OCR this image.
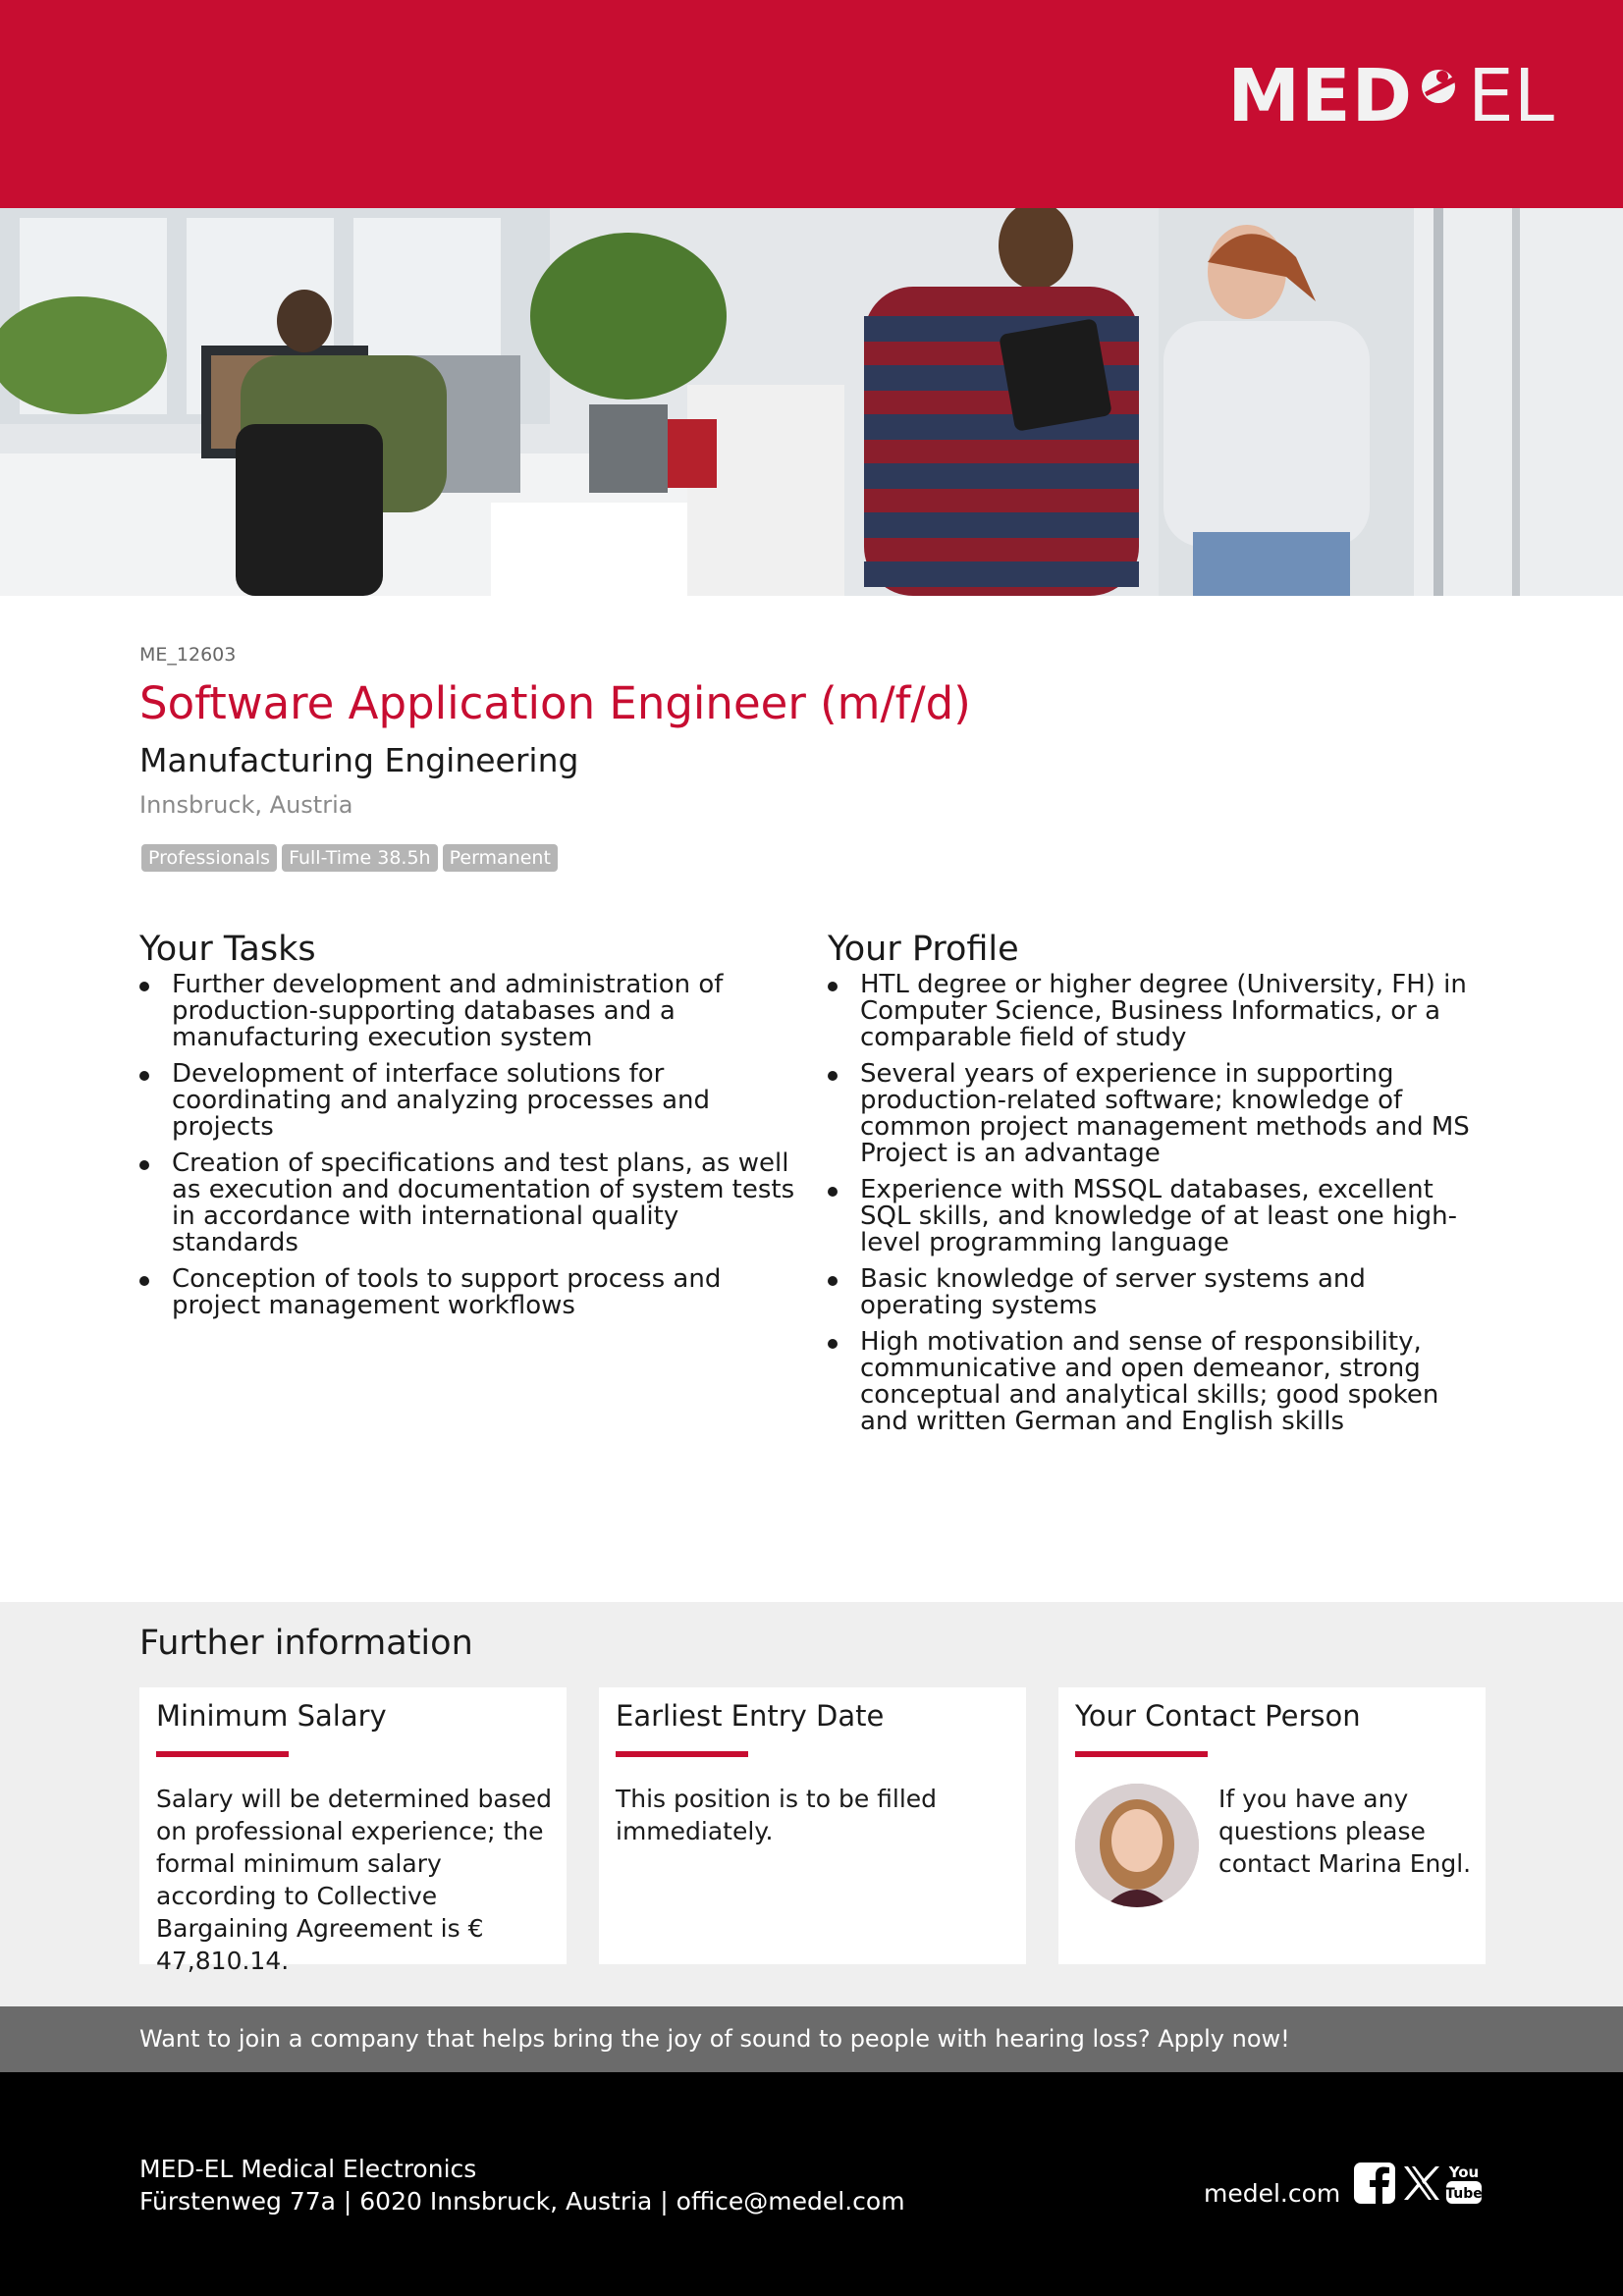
MED EL
ME_12603
Software Application Engineer (m/f/d)
Manufacturing Engineering
Innsbruck, Austria
Professionals	Full-Time 38.5h	Permanent
Your Tasks
Further development and administration of production-supporting databases and a manufacturing execution system
Development of interface solutions for coordinating and analyzing processes and projects
Creation of specifications and test plans, as well as execution and documentation of system tests in accordance with international quality standards
Conception of tools to support process and project management workflows
Your Profile
HTL degree or higher degree (University, FH) in Computer Science, Business Informatics, or a comparable field of study
Several years of experience in supporting production-related software; knowledge of common project management methods and MS Project is an advantage
Experience with MSSQL databases, excellent SQL skills, and knowledge of at least one high-level programming language
Basic knowledge of server systems and operating systems
High motivation and sense of responsibility, communicative and open demeanor, strong conceptual and analytical skills; good spoken and written German and English skills
Further information
Minimum Salary
Salary will be determined based on professional experience; the formal minimum salary according to Collective Bargaining Agreement is € 47,810.14.
Earliest Entry Date
This position is to be filled immediately.
Your Contact Person
If you have any questions please contact Marina Engl.
Want to join a company that helps bring the joy of sound to people with hearing loss? Apply now!
MED-EL Medical Electronics
Fürstenweg 77a | 6020 Innsbruck, Austria | office@medel.com	medel.com
You
Tube
